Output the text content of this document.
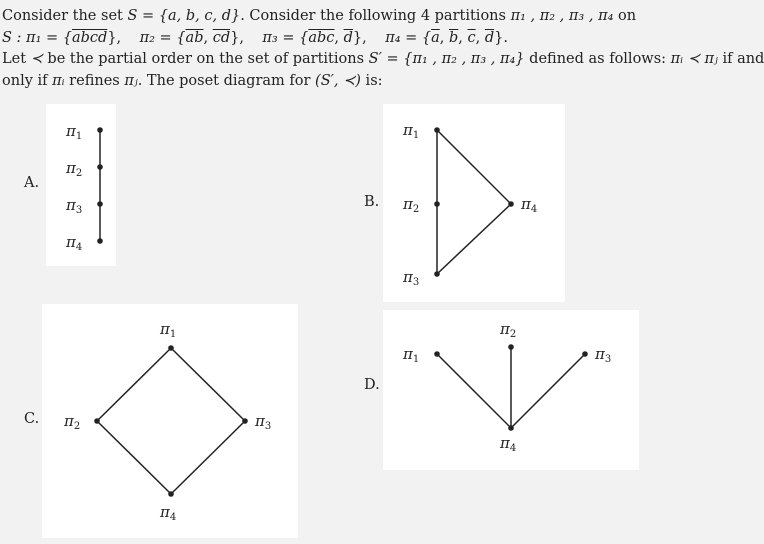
Consider the set S = {a, b, c, d}. Consider the following 4 partitions π₁ , π₂ , π₃ , π₄ on
S : π₁ = {abcd}, $\pi_2 = \{\overline{ab}$, $\overline{cd}$}, $\pi_3 = \{\overline{abc}$, $\overline{d}$}, $\pi_4 = \{\overline{a}$, $\overline{b}$, $\overline{c}$, $\overline{d}$}.
Let ≺ be the partial order on the set of partitions S′ = {π₁ , π₂ , π₃ , π₄} defined as follows: πᵢ ≺ πⱼ if and
only if πᵢ refines πⱼ. The poset diagram for (S′, ≺) is:
A.
$\pi_1$
$\pi_2$
$\pi_3$
$\pi_4$
B.
$\pi_1$
$\pi_2$
$\pi_3$
$\pi_4$
C.
$\pi_1$
$\pi_2$	$\pi_3$
$\pi_4$
D.
$\pi_1$
$\pi_2$
$\pi_3$
$\pi_4$
